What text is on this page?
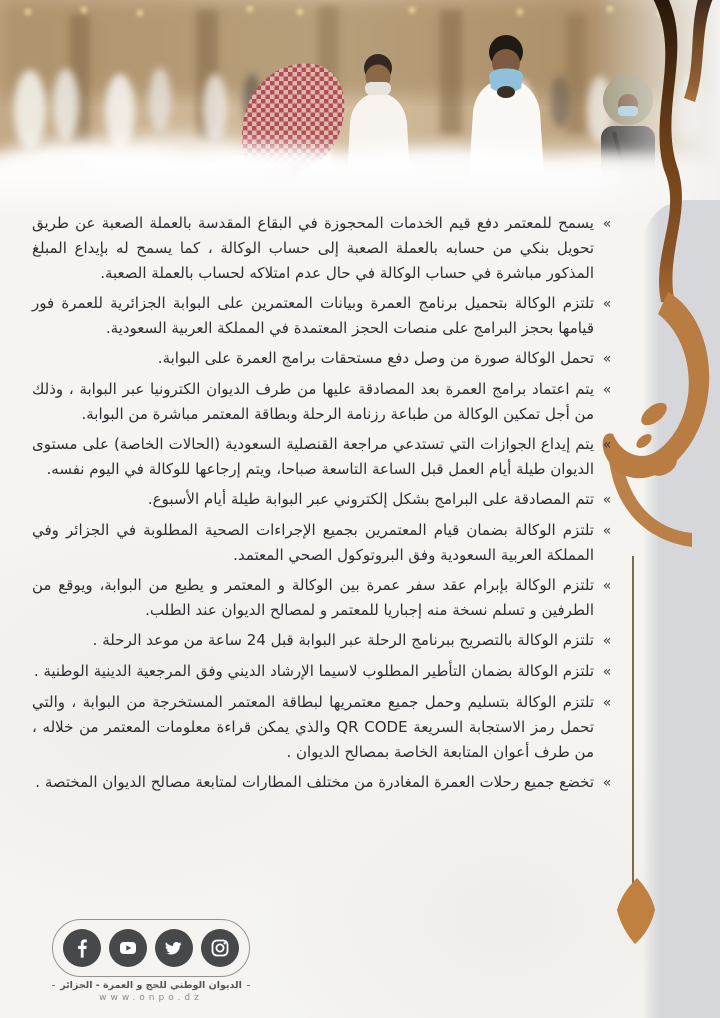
«

يسمح للمعتمر دفع قيم الخدمات المحجوزة في البقاع المقدسة بالعملة الصعبة عن طريق تحويل بنكي من حسابه بالعملة الصعبة إلى حساب الوكالة ، كما يسمح له بإيداع المبلغ المذكور مباشرة في حساب الوكالة في حال عدم امتلاكه لحساب بالعملة الصعبة.

«

تلتزم الوكالة بتحميل برنامج العمرة وبيانات المعتمرين على البوابة الجزائرية للعمرة فور قيامها بحجز البرامج على منصات الحجز المعتمدة في المملكة العربية السعودية.

«

تحمل الوكالة صورة من وصل دفع مستحقات برامج العمرة على البوابة.

«

يتم اعتماد برامج العمرة بعد المصادقة عليها من طرف الديوان الكترونيا عبر البوابة ، وذلك من أجل تمكين الوكالة من طباعة رزنامة الرحلة وبطاقة المعتمر مباشرة من البوابة.

«

يتم إيداع الجوازات التي تستدعي مراجعة القنصلية السعودية (الحالات الخاصة) على مستوى الديوان طيلة أيام العمل قبل الساعة التاسعة صباحا، ويتم إرجاعها للوكالة في اليوم نفسه.

«

تتم المصادقة على البرامج بشكل إلكتروني عبر البوابة طيلة أيام الأسبوع.

«

تلتزم الوكالة بضمان قيام المعتمرين بجميع الإجراءات الصحية المطلوبة في الجزائر وفي المملكة العربية السعودية وفق البروتوكول الصحي المعتمد.

«

تلتزم الوكالة بإبرام عقد سفر عمرة بين الوكالة و المعتمر و يطبع من البوابة، ويوقع من الطرفين و تسلم نسخة منه إجباريا للمعتمر و لمصالح الديوان عند الطلب.

«

تلتزم الوكالة بالتصريح ببرنامج الرحلة عبر البوابة قبل 24 ساعة من موعد الرحلة .

«

تلتزم الوكالة بضمان التأطير المطلوب لاسيما الإرشاد الديني وفق المرجعية الدينية الوطنية .

«

تلتزم الوكالة بتسليم وحمل جميع معتمريها لبطاقة المعتمر المستخرجة من البوابة ، والتي تحمل رمز الاستجابة السريعة QR CODE والذي يمكن قراءة معلومات المعتمر من خلاله ، من طرف أعوان المتابعة الخاصة بمصالح الديوان .

«

تخضع جميع رحلات العمرة المغادرة من مختلف المطارات لمتابعة مصالح الديوان المختصة .

الديوان الوطني للحج و العمرة - الجزائر
www.onpo.dz
